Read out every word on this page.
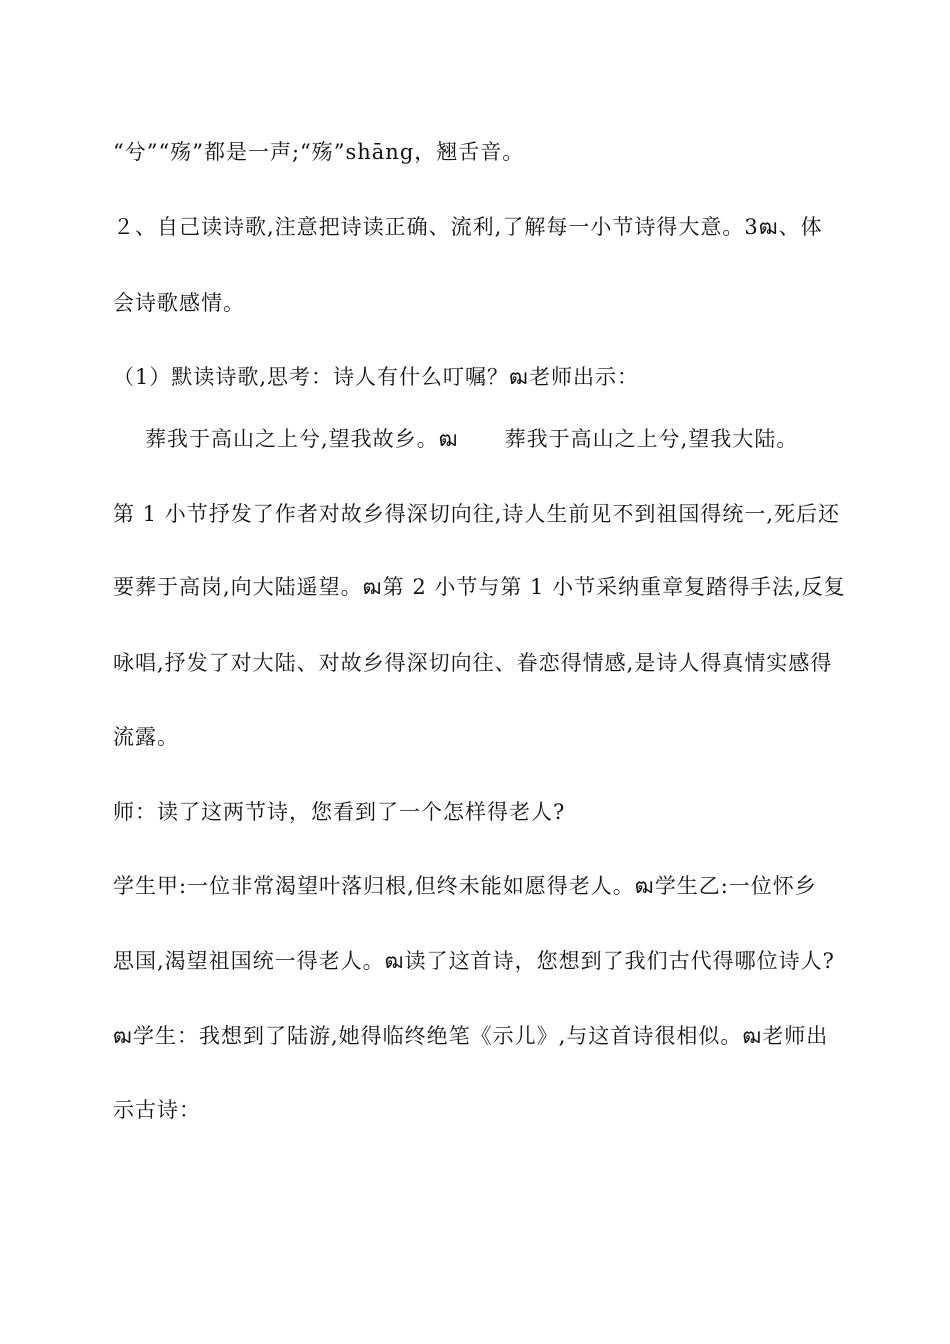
“兮”“殇”都是一声;“殇”shāng，翘舌音。
２、自己读诗歌,注意把诗读正确、流利,了解每一小节诗得大意。3ฒ、体
会诗歌感情。
（1）默读诗歌,思考：诗人有什么叮嘱？ฒ老师出示：
葬我于高山之上兮,望我故乡。ฒ 葬我于高山之上兮,望我大陆。
第 1 小节抒发了作者对故乡得深切向往,诗人生前见不到祖国得统一,死后还
要葬于高岗,向大陆遥望。ฒ第 2 小节与第 1 小节采纳重章复踏得手法,反复
咏唱,抒发了对大陆、对故乡得深切向往、眷恋得情感,是诗人得真情实感得
流露。
师：读了这两节诗，您看到了一个怎样得老人?
学生甲:一位非常渴望叶落归根,但终未能如愿得老人。ฒ学生乙:一位怀乡
思国,渴望祖国统一得老人。ฒ读了这首诗，您想到了我们古代得哪位诗人?
ฒ学生：我想到了陆游,她得临终绝笔《示儿》,与这首诗很相似。ฒ老师出
示古诗：
